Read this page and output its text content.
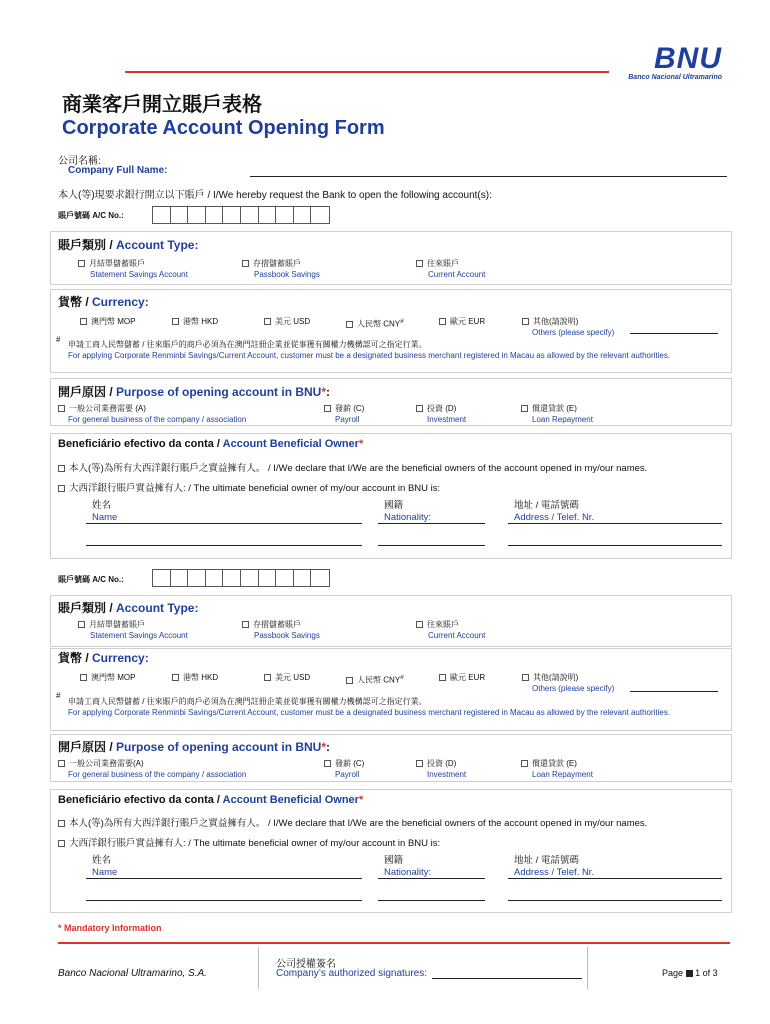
BNU
Banco Nacional Ultramarino
商業客戶開立賬戶表格
Corporate Account Opening Form
公司名稱:
Company Full Name:
本人(等)現要求銀行開立以下賬戶 / I/We hereby request the Bank to open the following account(s):
賬戶號碼 A/C No.:
賬戶類別 / Account Type:
月結單儲蓄賬戶
Statement Savings Account
存摺儲蓄賬戶
Passbook Savings
往來賬戶
Current Account
貨幣 / Currency:
澳門幣 MOP	港幣 HKD	美元 USD	人民幣 CNY#	歐元 EUR	其他(請說明)
Others (please specify)
#
申請工商人民幣儲蓄 / 往來賬戶的商戶必須為在澳門註冊企業並從事獲有關權力機構認可之指定行業。
For applying Corporate Renminbi Savings/Current Account, customer must be a designated business merchant registered in Macau as allowed by the relevant authorities.
開戶原因 / Purpose of opening account in BNU*:
一般公司業務需要 (A)
For general business of the company / association
發薪 (C)
Payroll
投資 (D)
Investment
償還貸款 (E)
Loan Repayment
Beneficiário efectivo da conta / Account Beneficial Owner*
本人(等)為所有大西洋銀行賬戶之實益擁有人。 / I/We declare that I/We are the beneficial owners of the account opened in my/our names.
大西洋銀行賬戶實益擁有人: / The ultimate beneficial owner of my/our account in BNU is:
姓名
Name
國籍
Nationality:
地址 / 電話號碼
Address / Telef. Nr.
賬戶號碼 A/C No.:
賬戶類別 / Account Type:
月結單儲蓄賬戶
Statement Savings Account
存摺儲蓄賬戶
Passbook Savings
往來賬戶
Current Account
貨幣 / Currency:
澳門幣 MOP	港幣 HKD	美元 USD	人民幣 CNY#	歐元 EUR	其他(請說明)
Others (please specify)
#
申請工商人民幣儲蓄 / 往來賬戶的商戶必須為在澳門註冊企業並從事獲有關權力機構認可之指定行業。
For applying Corporate Renminbi Savings/Current Account, customer must be a designated business merchant registered in Macau as allowed by the relevant authorities.
開戶原因 / Purpose of opening account in BNU*:
一般公司業務需要(A)
For general business of the company / association
發薪 (C)
Payroll
投資 (D)
Investment
償還貸款 (E)
Loan Repayment
Beneficiário efectivo da conta / Account Beneficial Owner*
本人(等)為所有大西洋銀行賬戶之實益擁有人。 / I/We declare that I/We are the beneficial owners of the account opened in my/our names.
大西洋銀行賬戶實益擁有人: / The ultimate beneficial owner of my/our account in BNU is:
姓名
Name
國籍
Nationality:
地址 / 電話號碼
Address / Telef. Nr.
* Mandatory Information
Banco Nacional Ultramarino, S.A.
公司授權簽名
Company’s authorized signatures:	Page 1 of 3
